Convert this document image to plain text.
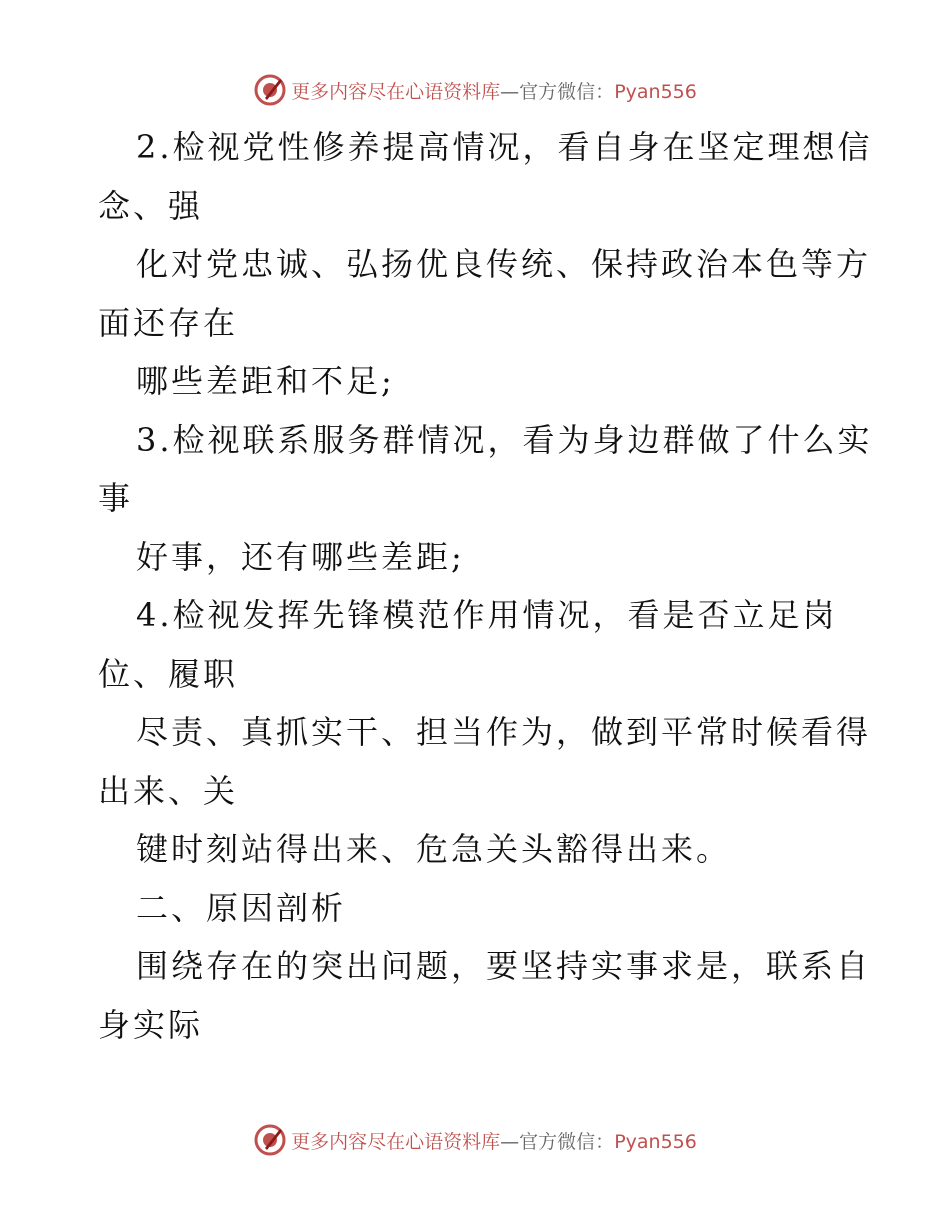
更多内容尽在心语资料库—官方微信：Pyan556
2.检视党性修养提高情况，看自身在坚定理想信
念、强
化对党忠诚、弘扬优良传统、保持政治本色等方
面还存在
哪些差距和不足;
3.检视联系服务群情况，看为身边群做了什么实
事
好事，还有哪些差距;
4.检视发挥先锋模范作用情况，看是否立足岗
位、履职
尽责、真抓实干、担当作为，做到平常时候看得
出来、关
键时刻站得出来、危急关头豁得出来。
二、原因剖析
围绕存在的突出问题，要坚持实事求是，联系自
身实际
更多内容尽在心语资料库—官方微信：Pyan556
